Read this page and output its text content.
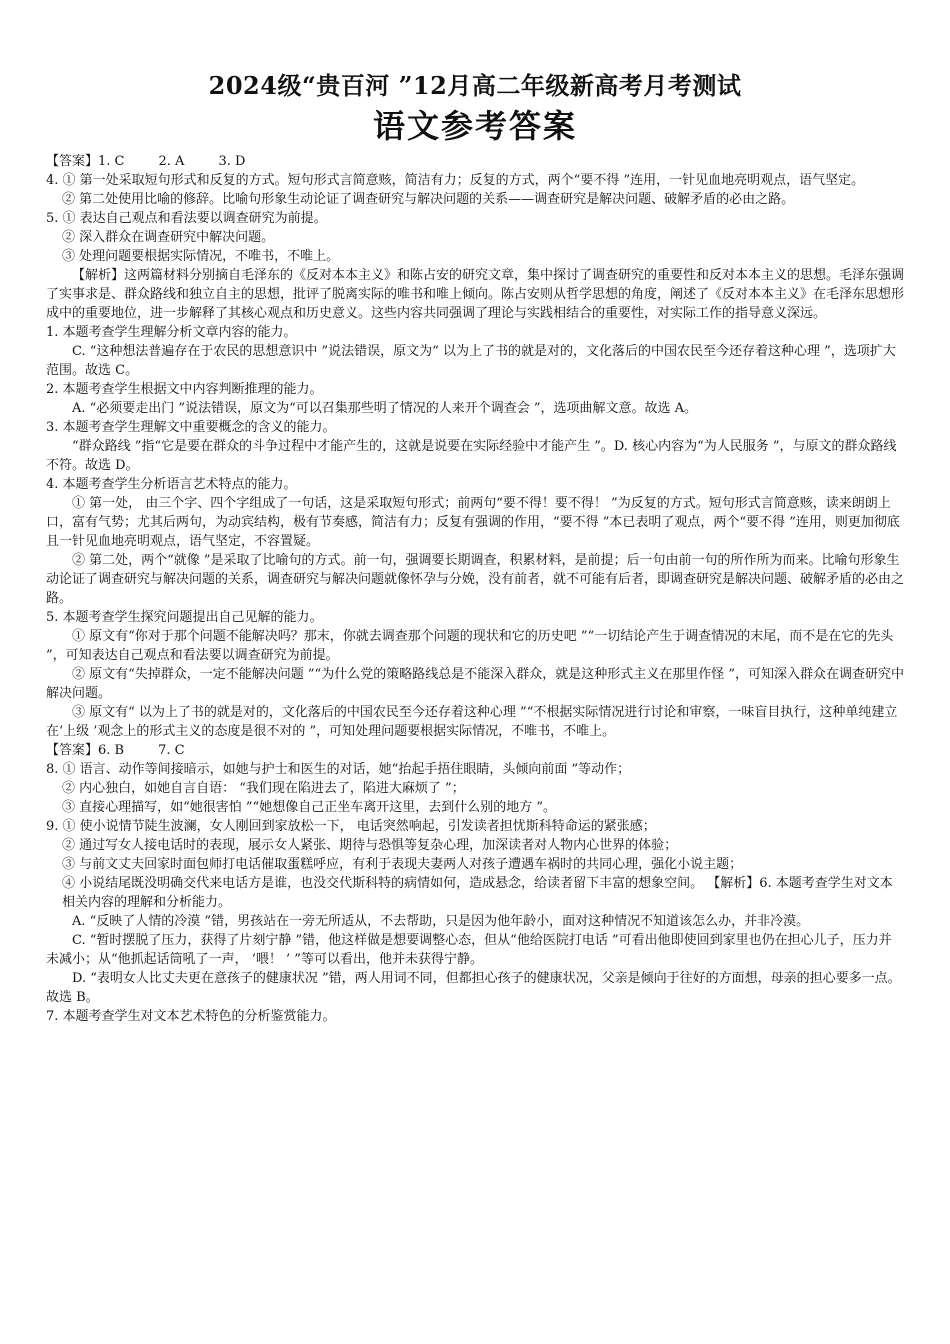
2024级“贵百河 ”12月高二年级新高考月考测试
语文参考答案
【答案】1. C	2. A	3. D

4. ① 第一处采取短句形式和反复的方式。短句形式言简意赅，简洁有力；反复的方式，两个“要不得 ”连用，一针见血地亮明观点，语气坚定。

② 第二处使用比喻的修辞。比喻句形象生动论证了调查研究与解决问题的关系——调查研究是解决问题、破解矛盾的必由之路。

5. ① 表达自己观点和看法要以调查研究为前提。

② 深入群众在调查研究中解决问题。

③ 处理问题要根据实际情况，不唯书，不唯上。

【解析】这两篇材料分别摘自毛泽东的《反对本本主义》和陈占安的研究文章，集中探讨了调查研究的重要性和反对本本主义的思想。毛泽东强调了实事求是、群众路线和独立自主的思想，批评了脱离实际的唯书和唯上倾向。陈占安则从哲学思想的角度，阐述了《反对本本主义》在毛泽东思想形成中的重要地位，进一步解释了其核心观点和历史意义。这些内容共同强调了理论与实践相结合的重要性，对实际工作的指导意义深远。

1. 本题考查学生理解分析文章内容的能力。

C. “这种想法普遍存在于农民的思想意识中 ”说法错误，原文为“ 以为上了书的就是对的，文化落后的中国农民至今还存着这种心理 ”，选项扩大范围。故选 C。

2. 本题考查学生根据文中内容判断推理的能力。

A. “必须要走出门 ”说法错误，原文为“可以召集那些明了情况的人来开个调查会 ”，选项曲解文意。故选 A。

3. 本题考查学生理解文中重要概念的含义的能力。

“群众路线 ”指“它是要在群众的斗争过程中才能产生的，这就是说要在实际经验中才能产生 ”。D. 核心内容为“为人民服务 ”，与原文的群众路线不符。故选 D。

4. 本题考查学生分析语言艺术特点的能力。

① 第一处， 由三个字、四个字组成了一句话，这是采取短句形式；前两句“要不得！要不得！ ”为反复的方式。短句形式言简意赅，读来朗朗上口，富有气势；尤其后两句，为动宾结构，极有节奏感，简洁有力；反复有强调的作用，“要不得 ”本已表明了观点，两个“要不得 ”连用，则更加彻底且一针见血地亮明观点，语气坚定，不容置疑。

② 第二处，两个“就像 ”是采取了比喻句的方式。前一句，强调要长期调查，积累材料，是前提；后一句由前一句的所作所为而来。比喻句形象生动论证了调查研究与解决问题的关系，调查研究与解决问题就像怀孕与分娩，没有前者，就不可能有后者，即调查研究是解决问题、破解矛盾的必由之路。

5. 本题考查学生探究问题提出自己见解的能力。

① 原文有“你对于那个问题不能解决吗？那末，你就去调查那个问题的现状和它的历史吧 ”“一切结论产生于调查情况的末尾，而不是在它的先头 ”，可知表达自己观点和看法要以调查研究为前提。

② 原文有“失掉群众，一定不能解决问题 ”“为什么党的策略路线总是不能深入群众，就是这种形式主义在那里作怪 ”，可知深入群众在调查研究中解决问题。

③ 原文有“ 以为上了书的就是对的，文化落后的中国农民至今还存着这种心理 ”“不根据实际情况进行讨论和审察，一味盲目执行，这种单纯建立在‘上级 ’观念上的形式主义的态度是很不对的 ”，可知处理问题要根据实际情况，不唯书，不唯上。

【答案】6. B	7. C

8. ① 语言、动作等间接暗示，如她与护士和医生的对话，她“抬起手捂住眼睛，头倾向前面 ”等动作；

② 内心独白，如她自言自语： “我们现在陷进去了，陷进大麻烦了 ”；

③ 直接心理描写，如“她很害怕 ”“她想像自己正坐车离开这里，去到什么别的地方 ”。

9. ① 使小说情节陡生波澜，女人刚回到家放松一下， 电话突然响起，引发读者担忧斯科特命运的紧张感；

② 通过写女人接电话时的表现，展示女人紧张、期待与恐惧等复杂心理，加深读者对人物内心世界的体验；

③ 与前文丈夫回家时面包师打电话催取蛋糕呼应，有利于表现夫妻两人对孩子遭遇车祸时的共同心理，强化小说主题；

④ 小说结尾既没明确交代来电话方是谁，也没交代斯科特的病情如何，造成悬念，给读者留下丰富的想象空间。 【解析】6. 本题考查学生对文本相关内容的理解和分析能力。

A. “反映了人情的冷漠 ”错，男孩站在一旁无所适从，不去帮助，只是因为他年龄小，面对这种情况不知道该怎么办，并非冷漠。

C. “暂时摆脱了压力，获得了片刻宁静 ”错，他这样做是想要调整心态，但从“他给医院打电话 ”可看出他即使回到家里也仍在担心儿子，压力并未减小；从“他抓起话筒吼了一声， ‘喂！ ’ ”等可以看出，他并未获得宁静。

D. “表明女人比丈夫更在意孩子的健康状况 ”错，两人用词不同，但都担心孩子的健康状况，父亲是倾向于往好的方面想，母亲的担心要多一点。故选 B。

7. 本题考查学生对文本艺术特色的分析鉴赏能力。
